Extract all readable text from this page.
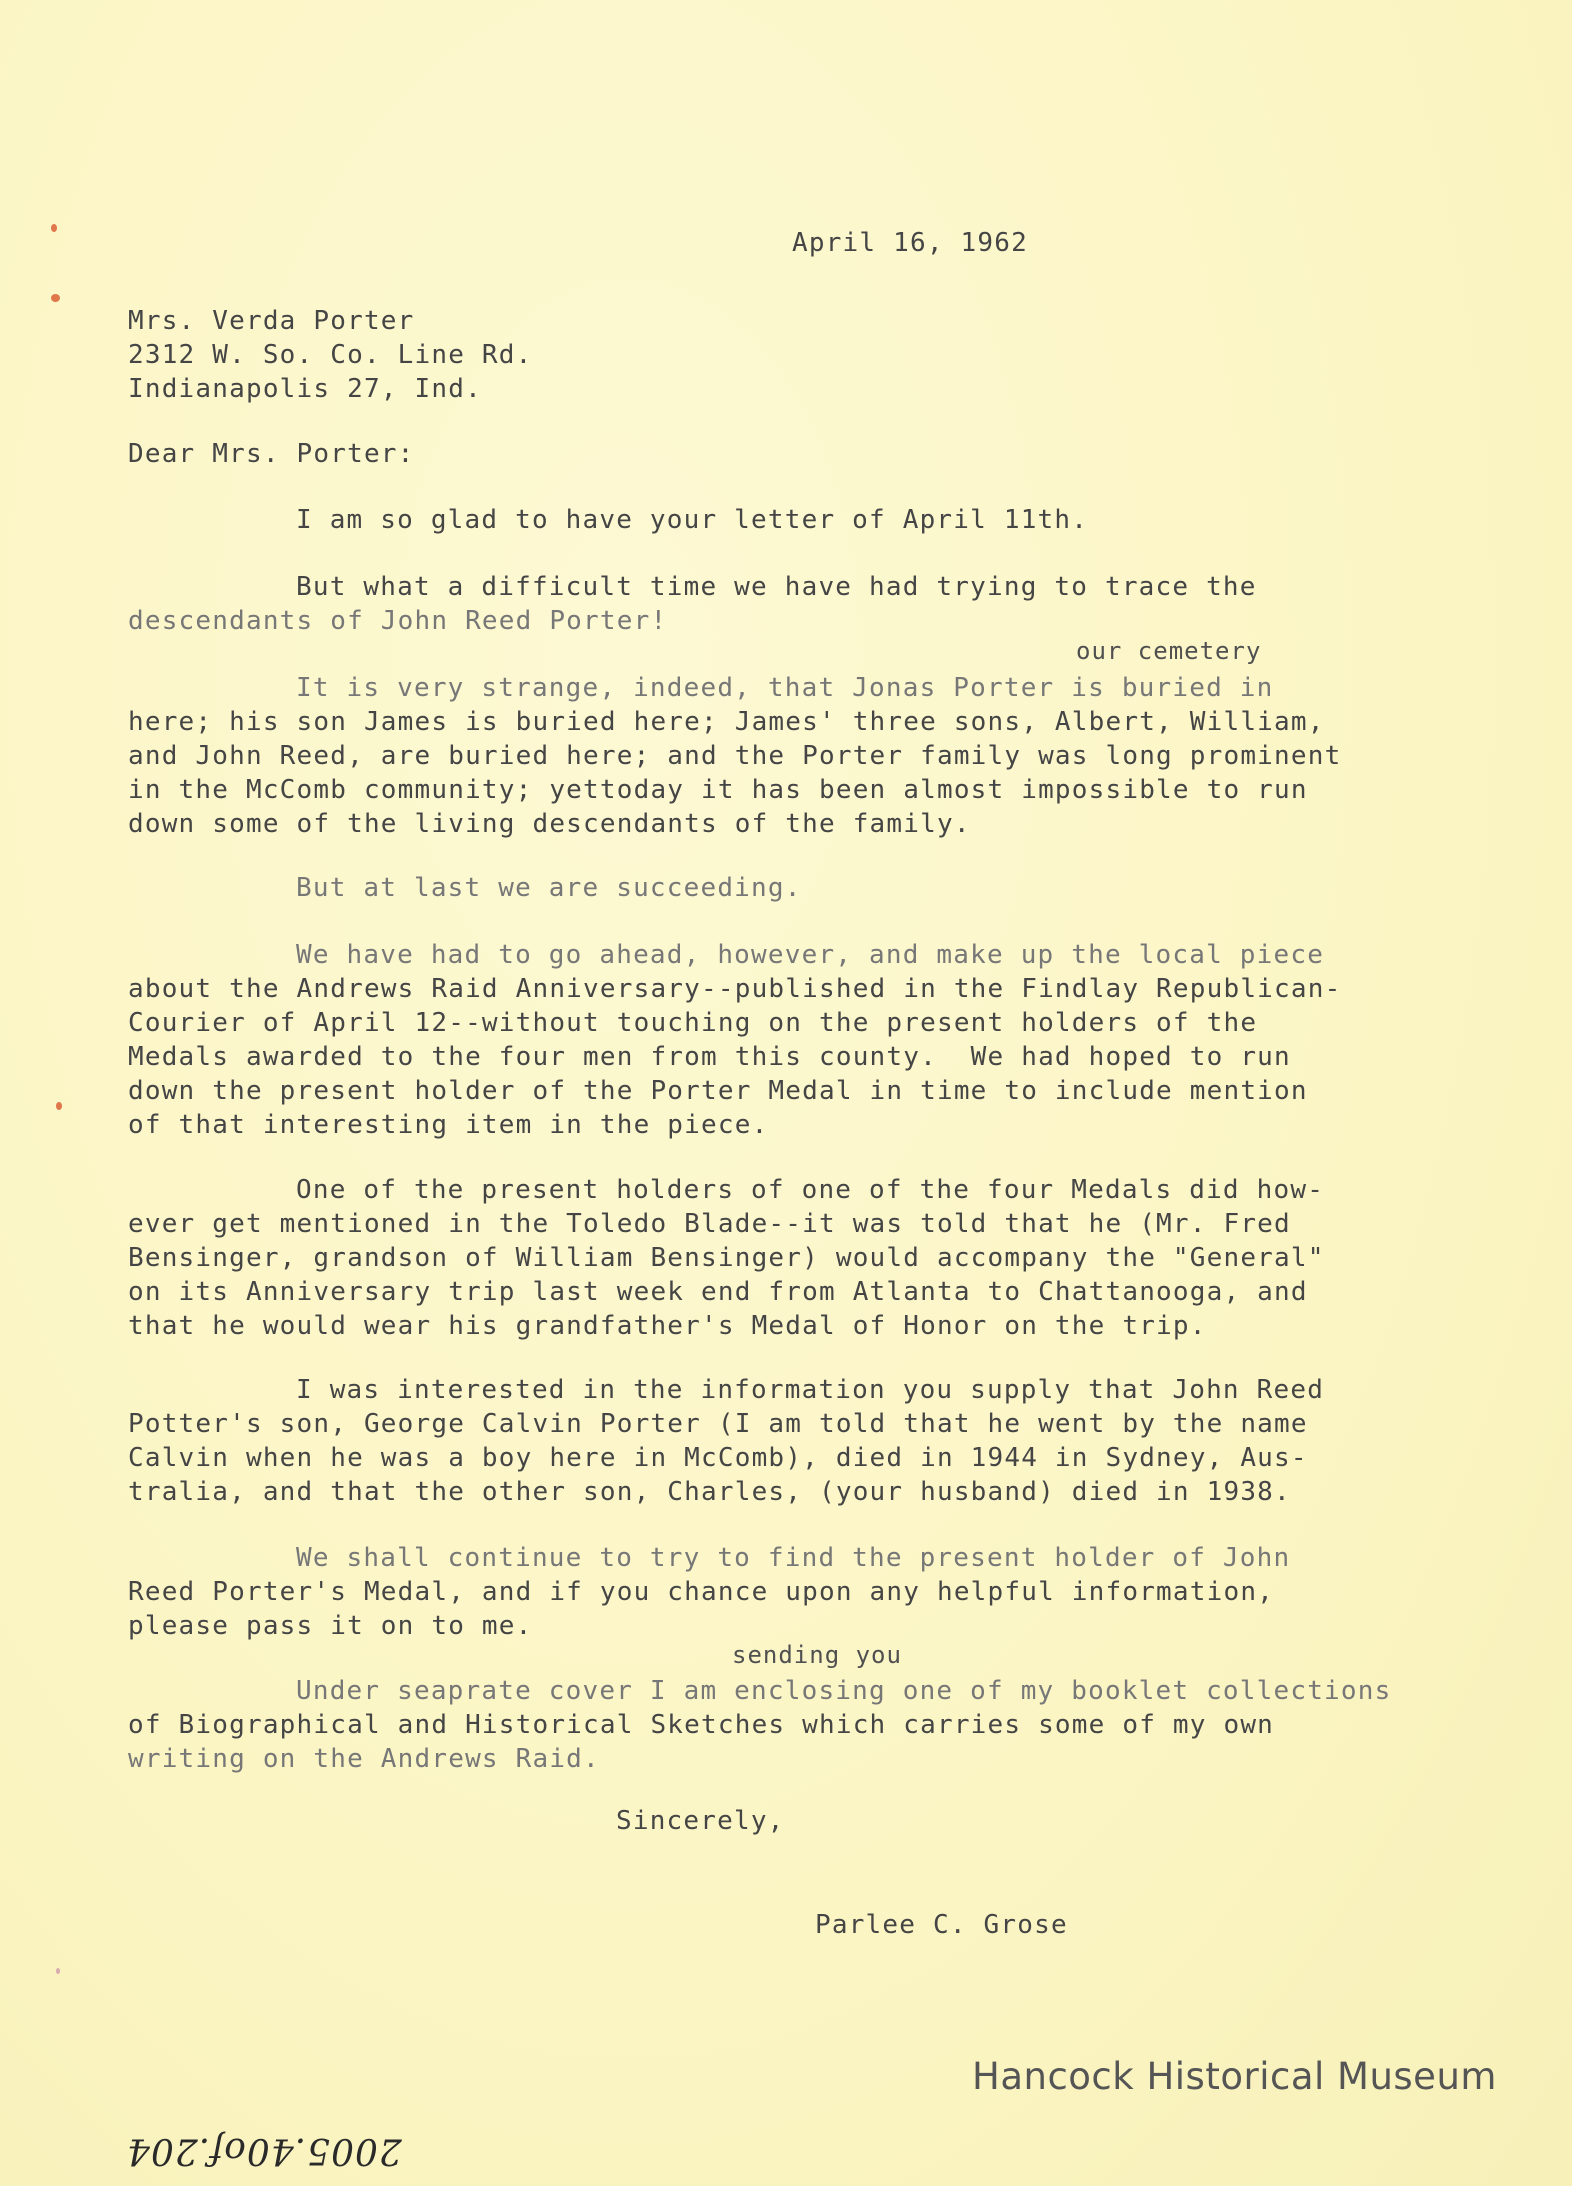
April 16, 1962
Mrs. Verda Porter
2312 W. So. Co. Line Rd.
Indianapolis 27, Ind.
Dear Mrs. Porter:
I am so glad to have your letter of April 11th.
But what a difficult time we have had trying to trace the
descendants of John Reed Porter!
our cemetery
It is very strange, indeed, that Jonas Porter is buried in
here; his son James is buried here; James' three sons, Albert, William,
and John Reed, are buried here; and the Porter family was long prominent
in the McComb community; yettoday it has been almost impossible to run
down some of the living descendants of the family.
But at last we are succeeding.
We have had to go ahead, however, and make up the local piece
about the Andrews Raid Anniversary--published in the Findlay Republican-
Courier of April 12--without touching on the present holders of the
Medals awarded to the four men from this county.  We had hoped to run
down the present holder of the Porter Medal in time to include mention
of that interesting item in the piece.
One of the present holders of one of the four Medals did how-
ever get mentioned in the Toledo Blade--it was told that he (Mr. Fred
Bensinger, grandson of William Bensinger) would accompany the "General"
on its Anniversary trip last week end from Atlanta to Chattanooga, and
that he would wear his grandfather's Medal of Honor on the trip.
I was interested in the information you supply that John Reed
Potter's son, George Calvin Porter (I am told that he went by the name
Calvin when he was a boy here in McComb), died in 1944 in Sydney, Aus-
tralia, and that the other son, Charles, (your husband) died in 1938.
We shall continue to try to find the present holder of John
Reed Porter's Medal, and if you chance upon any helpful information,
please pass it on to me.
sending you
Under seaprate cover I am enclosing one of my booklet collections
of Biographical and Historical Sketches which carries some of my own
writing on the Andrews Raid.
Sincerely,
Parlee C. Grose
Hancock Historical Museum
2005.40of.204
